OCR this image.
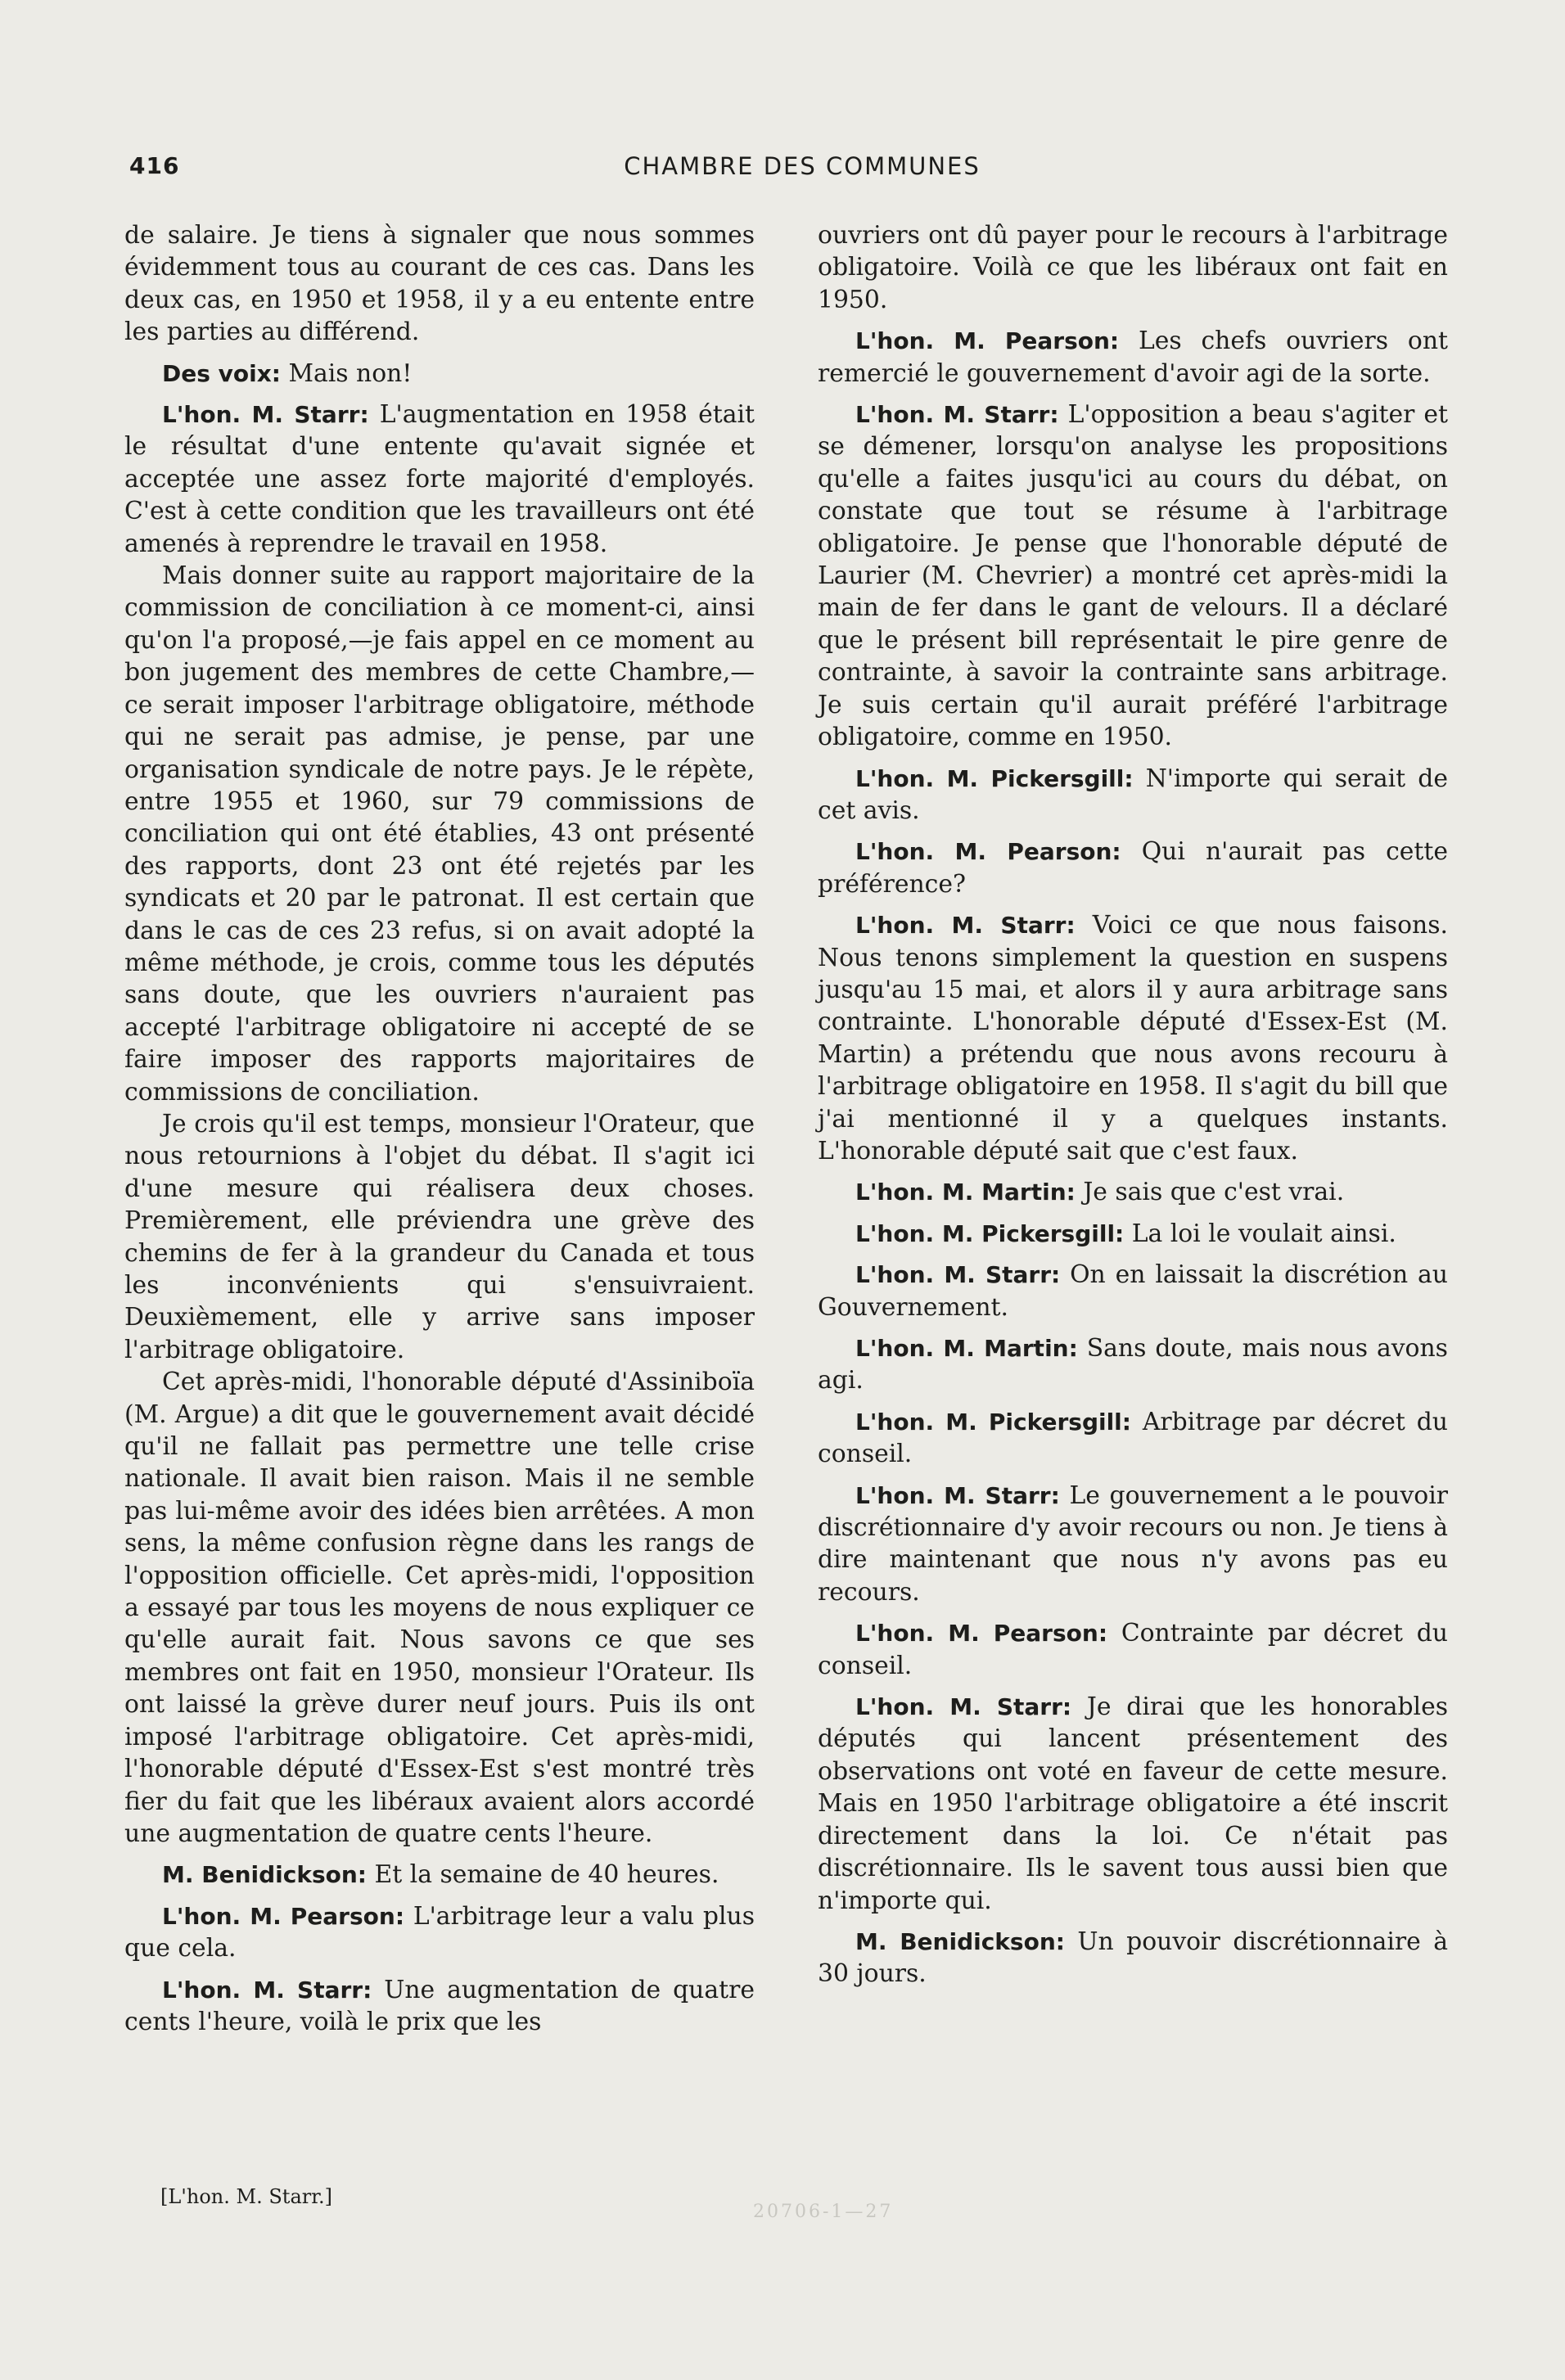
416	CHAMBRE DES COMMUNES

de salaire. Je tiens à signaler que nous sommes évidemment tous au courant de ces cas. Dans les deux cas, en 1950 et 1958, il y a eu entente entre les parties au différend.

Des voix: Mais non!

L'hon. M. Starr: L'augmentation en 1958 était le résultat d'une entente qu'avait signée et acceptée une assez forte majorité d'employés. C'est à cette condition que les travailleurs ont été amenés à reprendre le travail en 1958.

Mais donner suite au rapport majoritaire de la commission de conciliation à ce moment-ci, ainsi qu'on l'a proposé,—je fais appel en ce moment au bon jugement des membres de cette Chambre,—ce serait imposer l'arbitrage obligatoire, méthode qui ne serait pas admise, je pense, par une organisation syndicale de notre pays. Je le répète, entre 1955 et 1960, sur 79 commissions de conciliation qui ont été établies, 43 ont présenté des rapports, dont 23 ont été rejetés par les syndicats et 20 par le patronat. Il est certain que dans le cas de ces 23 refus, si on avait adopté la même méthode, je crois, comme tous les députés sans doute, que les ouvriers n'auraient pas accepté l'arbitrage obligatoire ni accepté de se faire imposer des rapports majoritaires de commissions de conciliation.

Je crois qu'il est temps, monsieur l'Orateur, que nous retournions à l'objet du débat. Il s'agit ici d'une mesure qui réalisera deux choses. Premièrement, elle préviendra une grève des chemins de fer à la grandeur du Canada et tous les inconvénients qui s'ensuivraient. Deuxièmement, elle y arrive sans imposer l'arbitrage obligatoire.

Cet après-midi, l'honorable député d'Assiniboïa (M. Argue) a dit que le gouvernement avait décidé qu'il ne fallait pas permettre une telle crise nationale. Il avait bien raison. Mais il ne semble pas lui-même avoir des idées bien arrêtées. A mon sens, la même confusion règne dans les rangs de l'opposition officielle. Cet après-midi, l'opposition a essayé par tous les moyens de nous expliquer ce qu'elle aurait fait. Nous savons ce que ses membres ont fait en 1950, monsieur l'Orateur. Ils ont laissé la grève durer neuf jours. Puis ils ont imposé l'arbitrage obligatoire. Cet après-midi, l'honorable député d'Essex-Est s'est montré très fier du fait que les libéraux avaient alors accordé une augmentation de quatre cents l'heure.

M. Benidickson: Et la semaine de 40 heures.

L'hon. M. Pearson: L'arbitrage leur a valu plus que cela.

L'hon. M. Starr: Une augmentation de quatre cents l'heure, voilà le prix que les

ouvriers ont dû payer pour le recours à l'arbitrage obligatoire. Voilà ce que les libéraux ont fait en 1950.

L'hon. M. Pearson: Les chefs ouvriers ont remercié le gouvernement d'avoir agi de la sorte.

L'hon. M. Starr: L'opposition a beau s'agiter et se démener, lorsqu'on analyse les propositions qu'elle a faites jusqu'ici au cours du débat, on constate que tout se résume à l'arbitrage obligatoire. Je pense que l'honorable député de Laurier (M. Chevrier) a montré cet après-midi la main de fer dans le gant de velours. Il a déclaré que le présent bill représentait le pire genre de contrainte, à savoir la contrainte sans arbitrage. Je suis certain qu'il aurait préféré l'arbitrage obligatoire, comme en 1950.

L'hon. M. Pickersgill: N'importe qui serait de cet avis.

L'hon. M. Pearson: Qui n'aurait pas cette préférence?

L'hon. M. Starr: Voici ce que nous faisons. Nous tenons simplement la question en suspens jusqu'au 15 mai, et alors il y aura arbitrage sans contrainte. L'honorable député d'Essex-Est (M. Martin) a prétendu que nous avons recouru à l'arbitrage obligatoire en 1958. Il s'agit du bill que j'ai mentionné il y a quelques instants. L'honorable député sait que c'est faux.

L'hon. M. Martin: Je sais que c'est vrai.

L'hon. M. Pickersgill: La loi le voulait ainsi.

L'hon. M. Starr: On en laissait la discrétion au Gouvernement.

L'hon. M. Martin: Sans doute, mais nous avons agi.

L'hon. M. Pickersgill: Arbitrage par décret du conseil.

L'hon. M. Starr: Le gouvernement a le pouvoir discrétionnaire d'y avoir recours ou non. Je tiens à dire maintenant que nous n'y avons pas eu recours.

L'hon. M. Pearson: Contrainte par décret du conseil.

L'hon. M. Starr: Je dirai que les honorables députés qui lancent présentement des observations ont voté en faveur de cette mesure. Mais en 1950 l'arbitrage obligatoire a été inscrit directement dans la loi. Ce n'était pas discrétionnaire. Ils le savent tous aussi bien que n'importe qui.

M. Benidickson: Un pouvoir discrétionnaire à 30 jours.

[L'hon. M. Starr.]
20706-1—27
